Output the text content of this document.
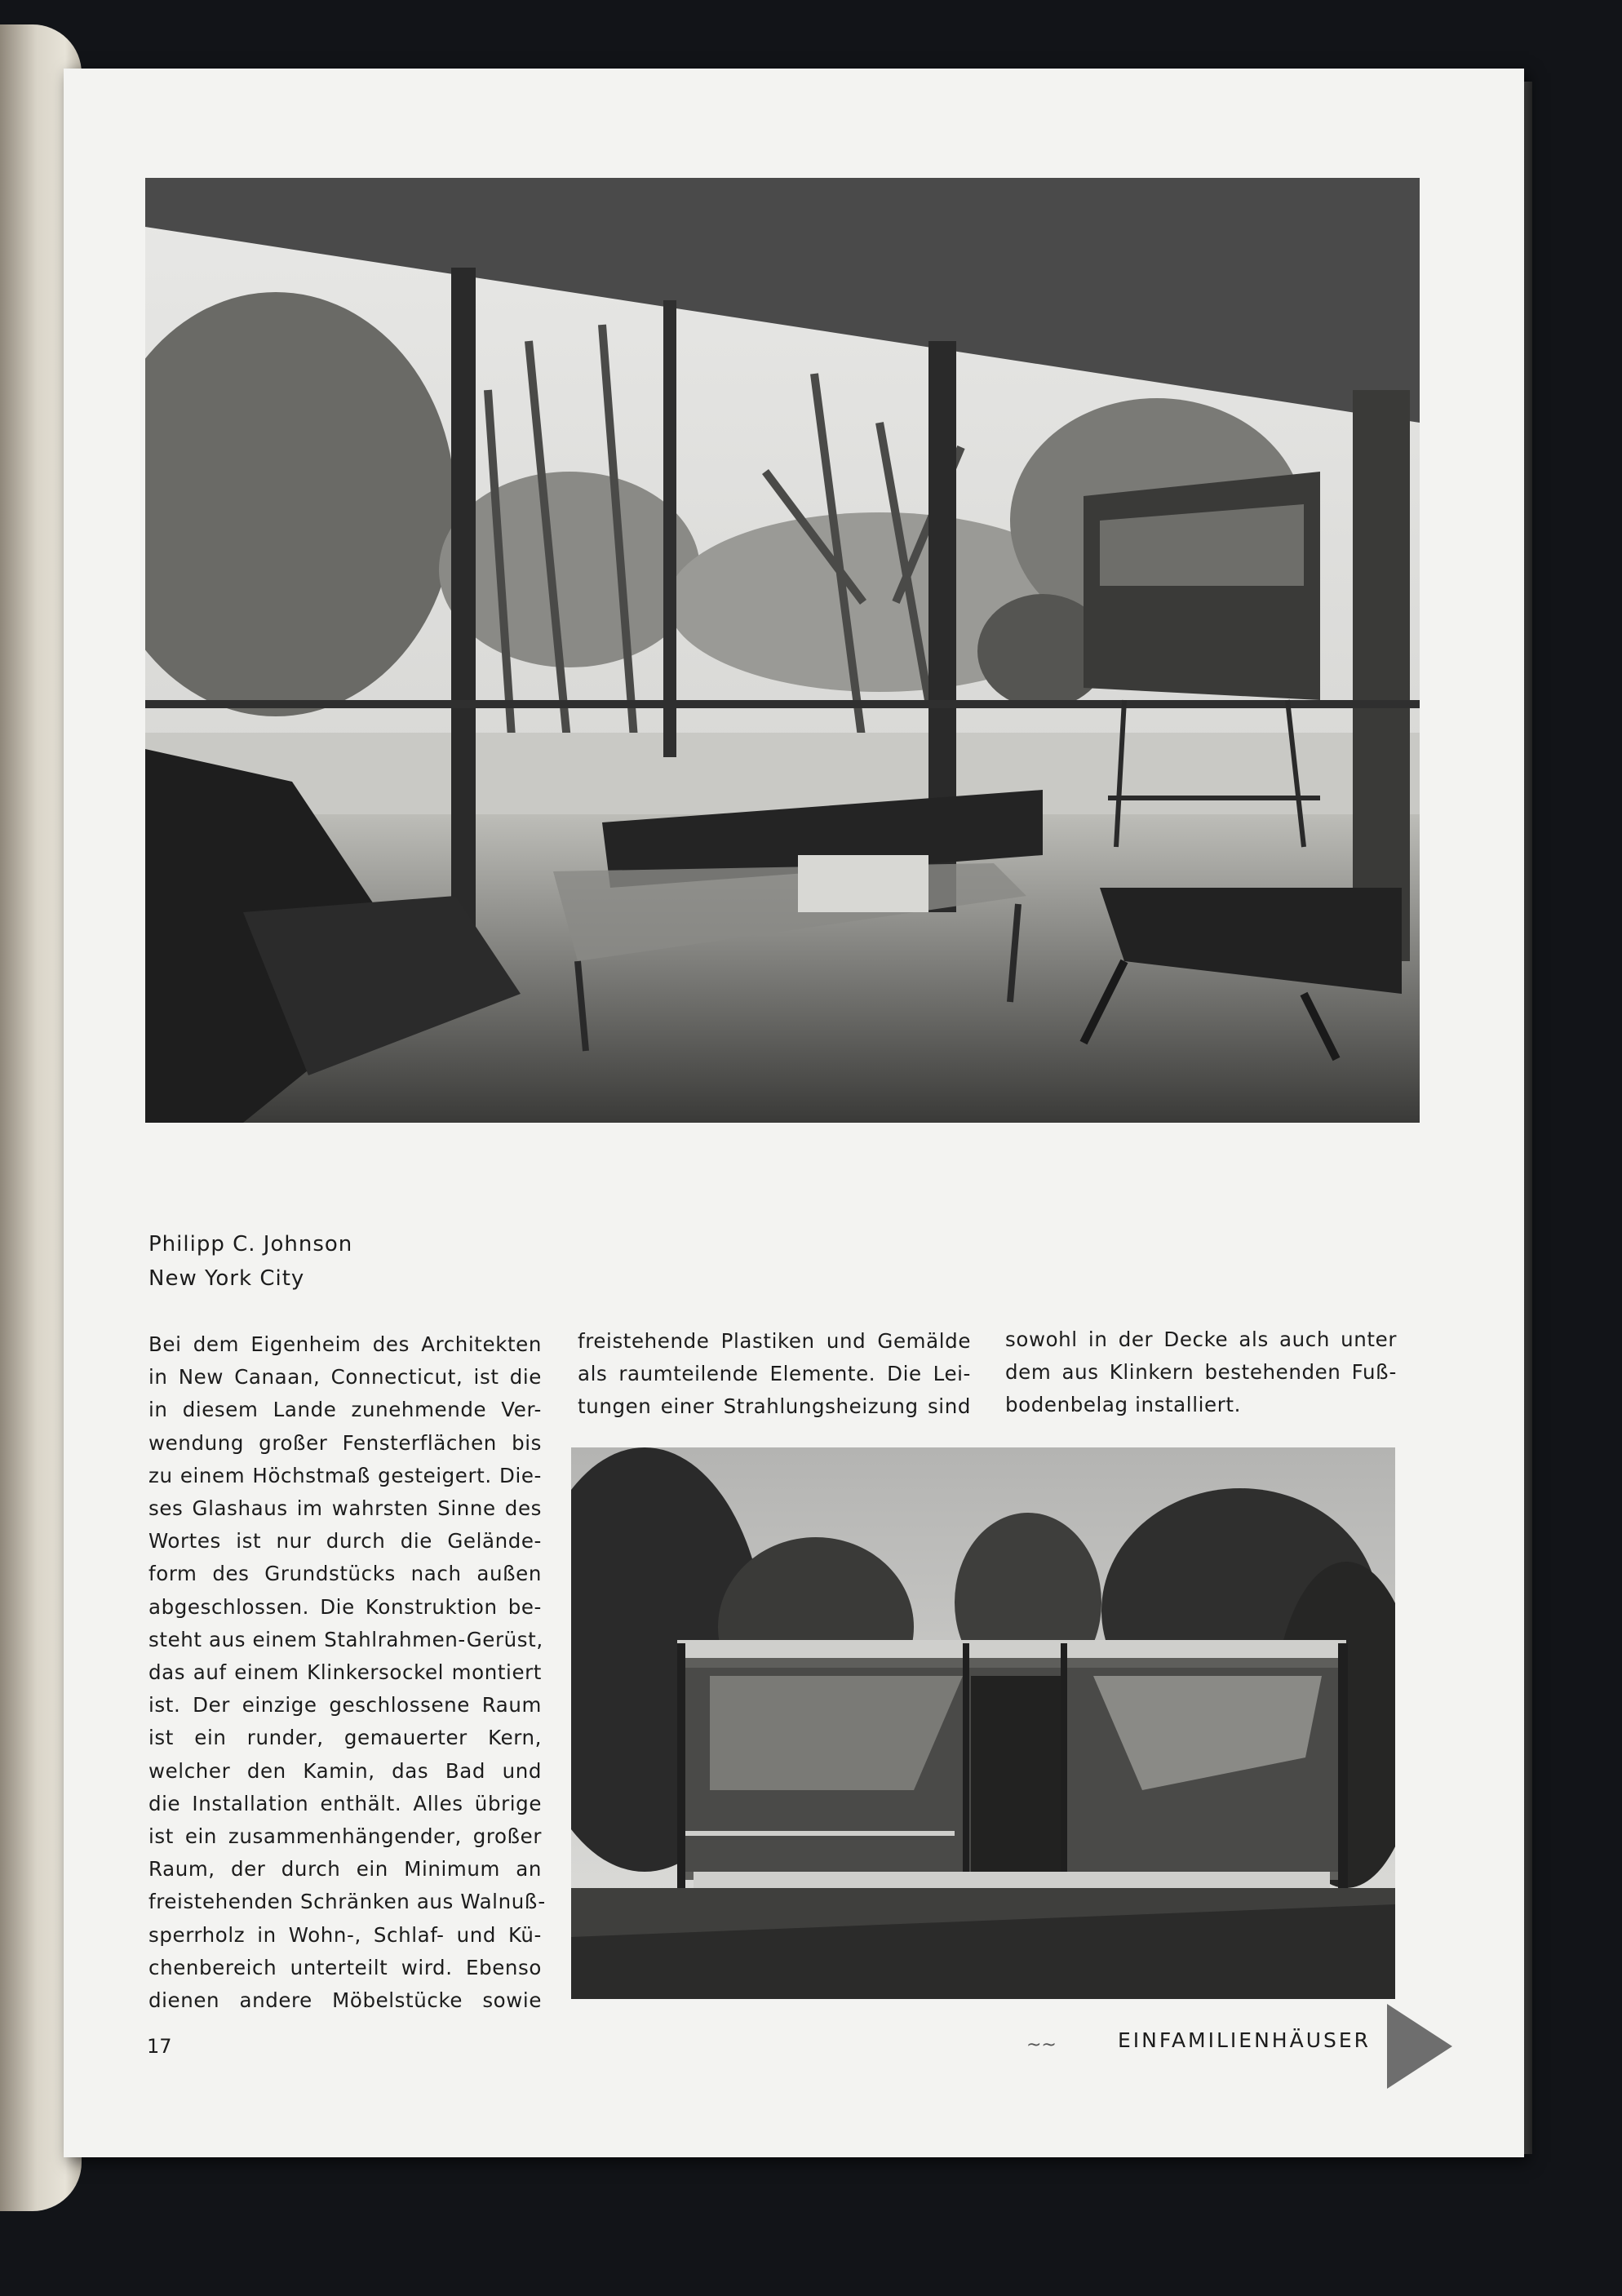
Philipp C. Johnson
New York City
Bei dem Eigenheim des Architekten
in New Canaan, Connecticut, ist die
in diesem Lande zunehmende Ver-
wendung großer Fensterflächen bis
zu einem Höchstmaß gesteigert. Die-
ses Glashaus im wahrsten Sinne des
Wortes ist nur durch die Gelände-
form des Grundstücks nach außen
abgeschlossen. Die Konstruktion be-
steht aus einem Stahlrahmen-Gerüst,
das auf einem Klinkersockel montiert
ist. Der einzige geschlossene Raum
ist ein runder, gemauerter Kern,
welcher den Kamin, das Bad und
die Installation enthält. Alles übrige
ist ein zusammenhängender, großer
Raum, der durch ein Minimum an
freistehenden Schränken aus Walnuß-
sperrholz in Wohn-, Schlaf- und Kü-
chenbereich unterteilt wird. Ebenso
dienen andere Möbelstücke sowie
freistehende Plastiken und Gemälde
als raumteilende Elemente. Die Lei-
tungen einer Strahlungsheizung sind
sowohl in der Decke als auch unter
dem aus Klinkern bestehenden Fuß-
bodenbelag installiert.
17	~~	EINFAMILIENHÄUSER
